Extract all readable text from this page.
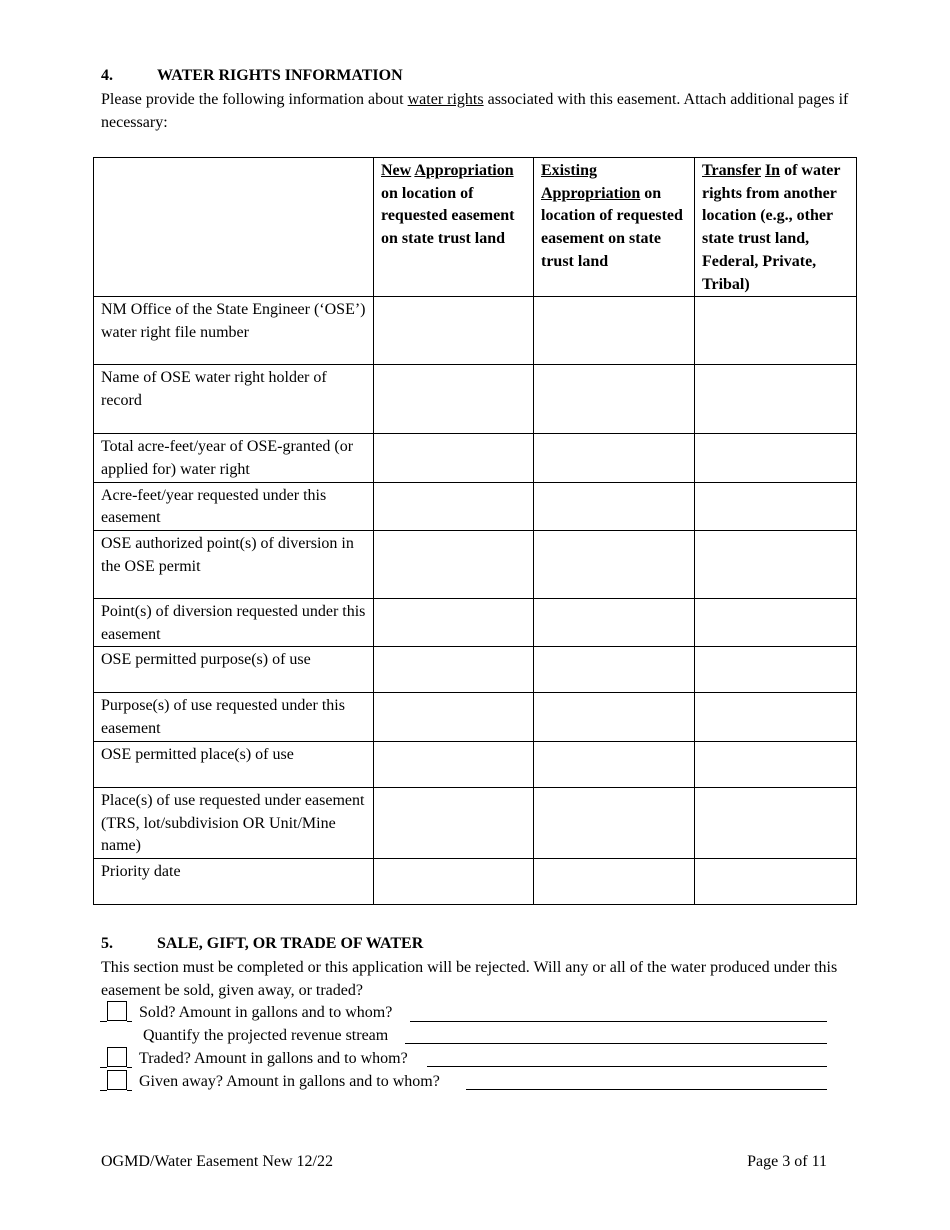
4.	WATER RIGHTS INFORMATION
Please provide the following information about water rights associated with this easement. Attach additional pages if necessary:
	New Appropriation on location of requested easement on state trust land	Existing Appropriation on location of requested easement on state trust land	Transfer In of water rights from another location (e.g., other state trust land, Federal, Private, Tribal)
NM Office of the State Engineer (‘OSE’) water right file number			
Name of OSE water right holder of record			
Total acre-feet/year of OSE-granted (or applied for) water right			
Acre-feet/year requested under this easement			
OSE authorized point(s) of diversion in the OSE permit			
Point(s) of diversion requested under this easement			
OSE permitted purpose(s) of use			
Purpose(s) of use requested under this easement			
OSE permitted place(s) of use			
Place(s) of use requested under easement (TRS, lot/subdivision OR Unit/Mine name)			
Priority date			
5.	SALE, GIFT, OR TRADE OF WATER
This section must be completed or this application will be rejected. Will any or all of the water produced under this easement be sold, given away, or traded?
Sold? Amount in gallons and to whom?
Quantify the projected revenue stream
Traded? Amount in gallons and to whom?
Given away? Amount in gallons and to whom?
OGMD/Water Easement New 12/22	Page 3 of 11
